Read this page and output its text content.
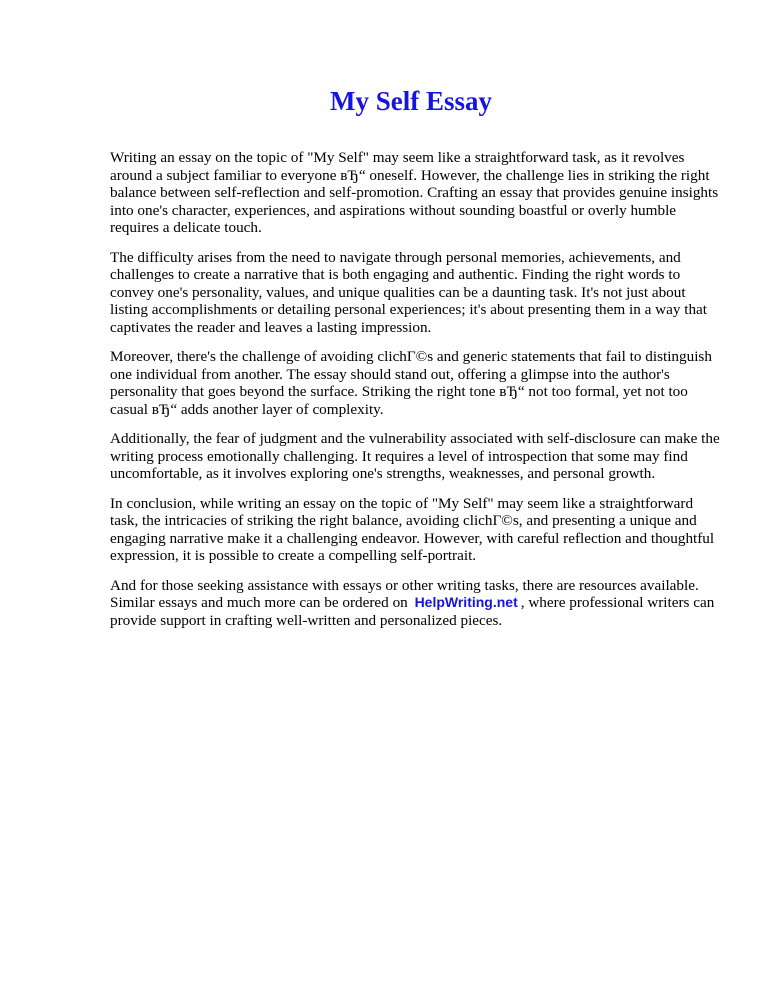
My Self Essay

Writing an essay on the topic of "My Self" may seem like a straightforward task, as it revolves around a subject familiar to everyone вЂ“ oneself. However, the challenge lies in striking the right balance between self-reflection and self-promotion. Crafting an essay that provides genuine insights into one's character, experiences, and aspirations without sounding boastful or overly humble requires a delicate touch.

The difficulty arises from the need to navigate through personal memories, achievements, and challenges to create a narrative that is both engaging and authentic. Finding the right words to convey one's personality, values, and unique qualities can be a daunting task. It's not just about listing accomplishments or detailing personal experiences; it's about presenting them in a way that captivates the reader and leaves a lasting impression.

Moreover, there's the challenge of avoiding clichГ©s and generic statements that fail to distinguish one individual from another. The essay should stand out, offering a glimpse into the author's personality that goes beyond the surface. Striking the right tone вЂ“ not too formal, yet not too casual вЂ“ adds another layer of complexity.

Additionally, the fear of judgment and the vulnerability associated with self-disclosure can make the writing process emotionally challenging. It requires a level of introspection that some may find uncomfortable, as it involves exploring one's strengths, weaknesses, and personal growth.

In conclusion, while writing an essay on the topic of "My Self" may seem like a straightforward task, the intricacies of striking the right balance, avoiding clichГ©s, and presenting a unique and engaging narrative make it a challenging endeavor. However, with careful reflection and thoughtful expression, it is possible to create a compelling self-portrait.

And for those seeking assistance with essays or other writing tasks, there are resources available. Similar essays and much more can be ordered on HelpWriting.net , where professional writers can provide support in crafting well-written and personalized pieces.
